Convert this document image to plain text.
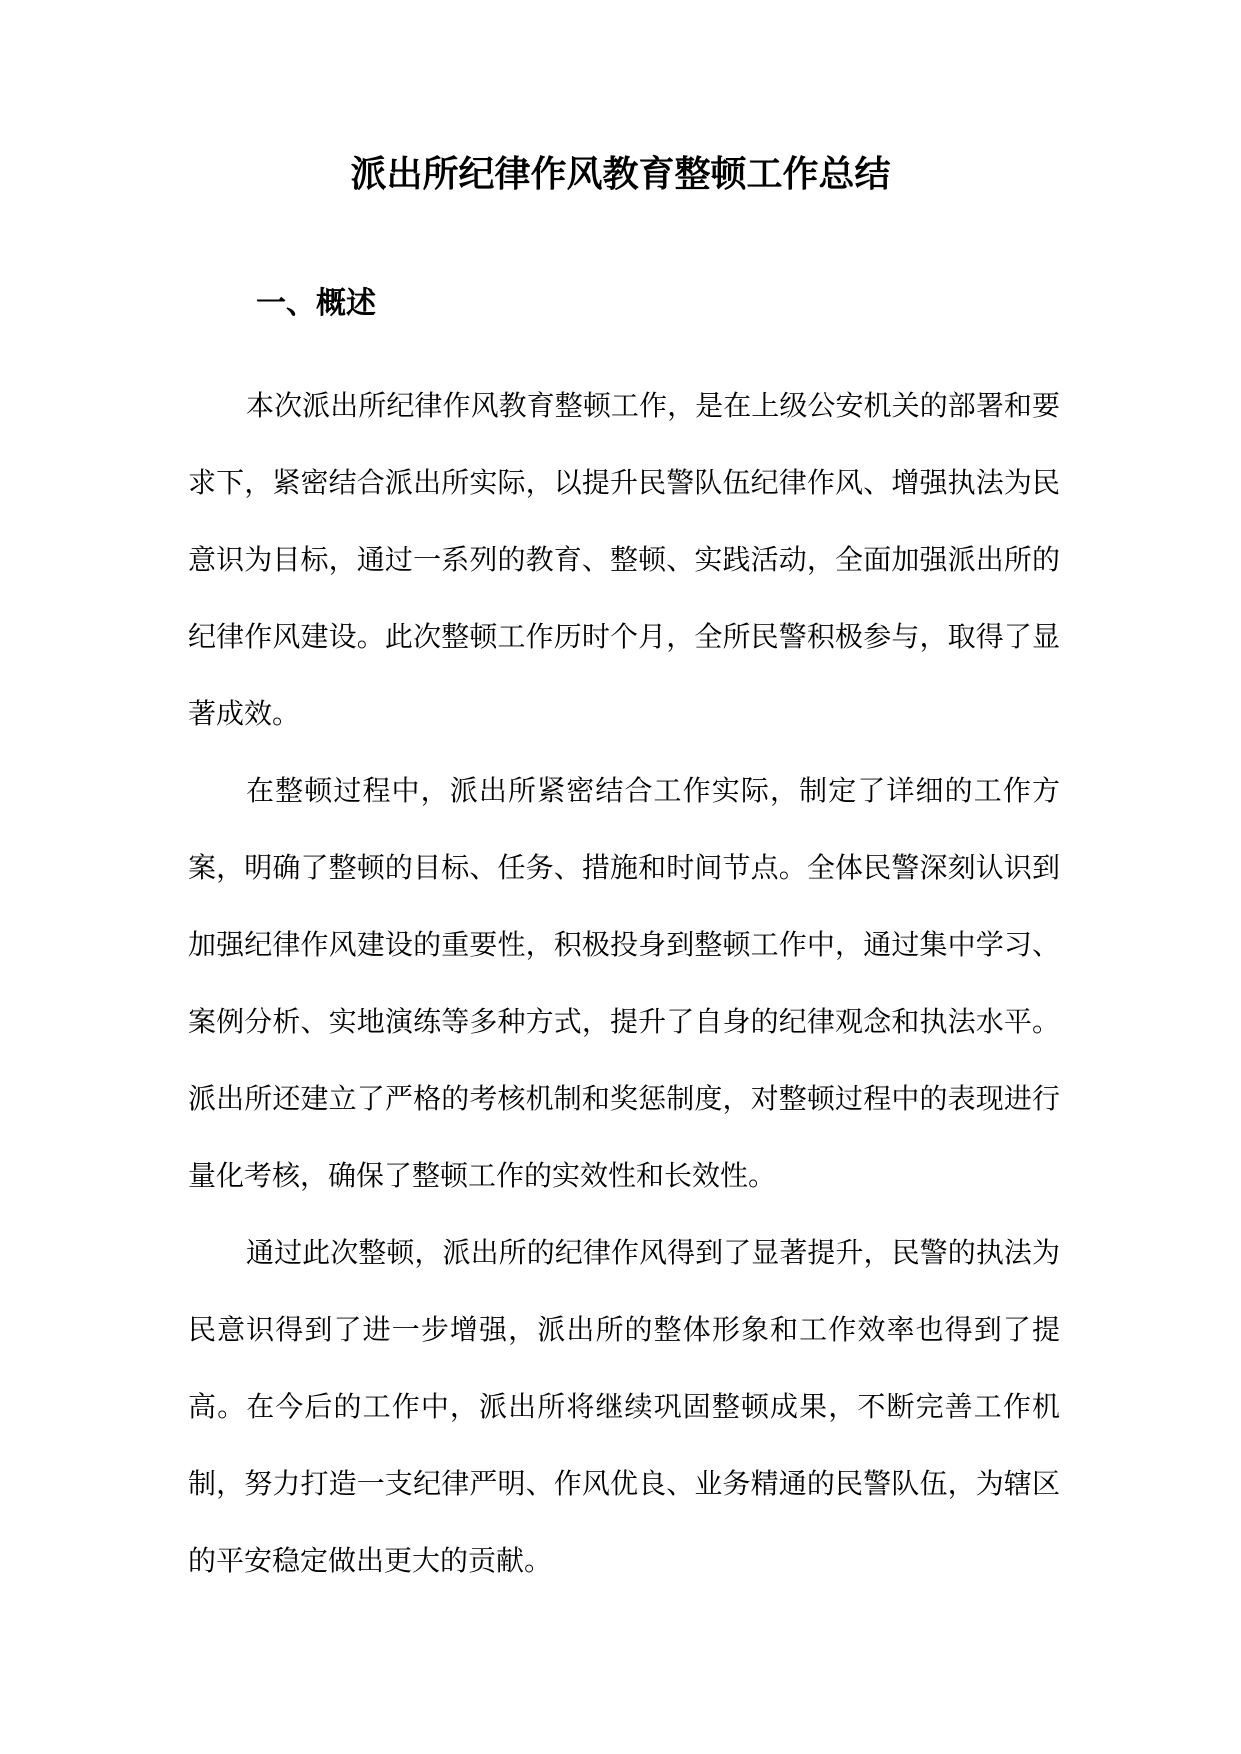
派出所纪律作风教育整顿工作总结
一、概述

本次派出所纪律作风教育整顿工作，是在上级公安机关的部署和要求下，紧密结合派出所实际，以提升民警队伍纪律作风、增强执法为民意识为目标，通过一系列的教育、整顿、实践活动，全面加强派出所的纪律作风建设。此次整顿工作历时个月，全所民警积极参与，取得了显著成效。

在整顿过程中，派出所紧密结合工作实际，制定了详细的工作方案，明确了整顿的目标、任务、措施和时间节点。全体民警深刻认识到加强纪律作风建设的重要性，积极投身到整顿工作中，通过集中学习、案例分析、实地演练等多种方式，提升了自身的纪律观念和执法水平。派出所还建立了严格的考核机制和奖惩制度，对整顿过程中的表现进行量化考核，确保了整顿工作的实效性和长效性。

通过此次整顿，派出所的纪律作风得到了显著提升，民警的执法为民意识得到了进一步增强，派出所的整体形象和工作效率也得到了提高。在今后的工作中，派出所将继续巩固整顿成果，不断完善工作机制，努力打造一支纪律严明、作风优良、业务精通的民警队伍，为辖区的平安稳定做出更大的贡献。
